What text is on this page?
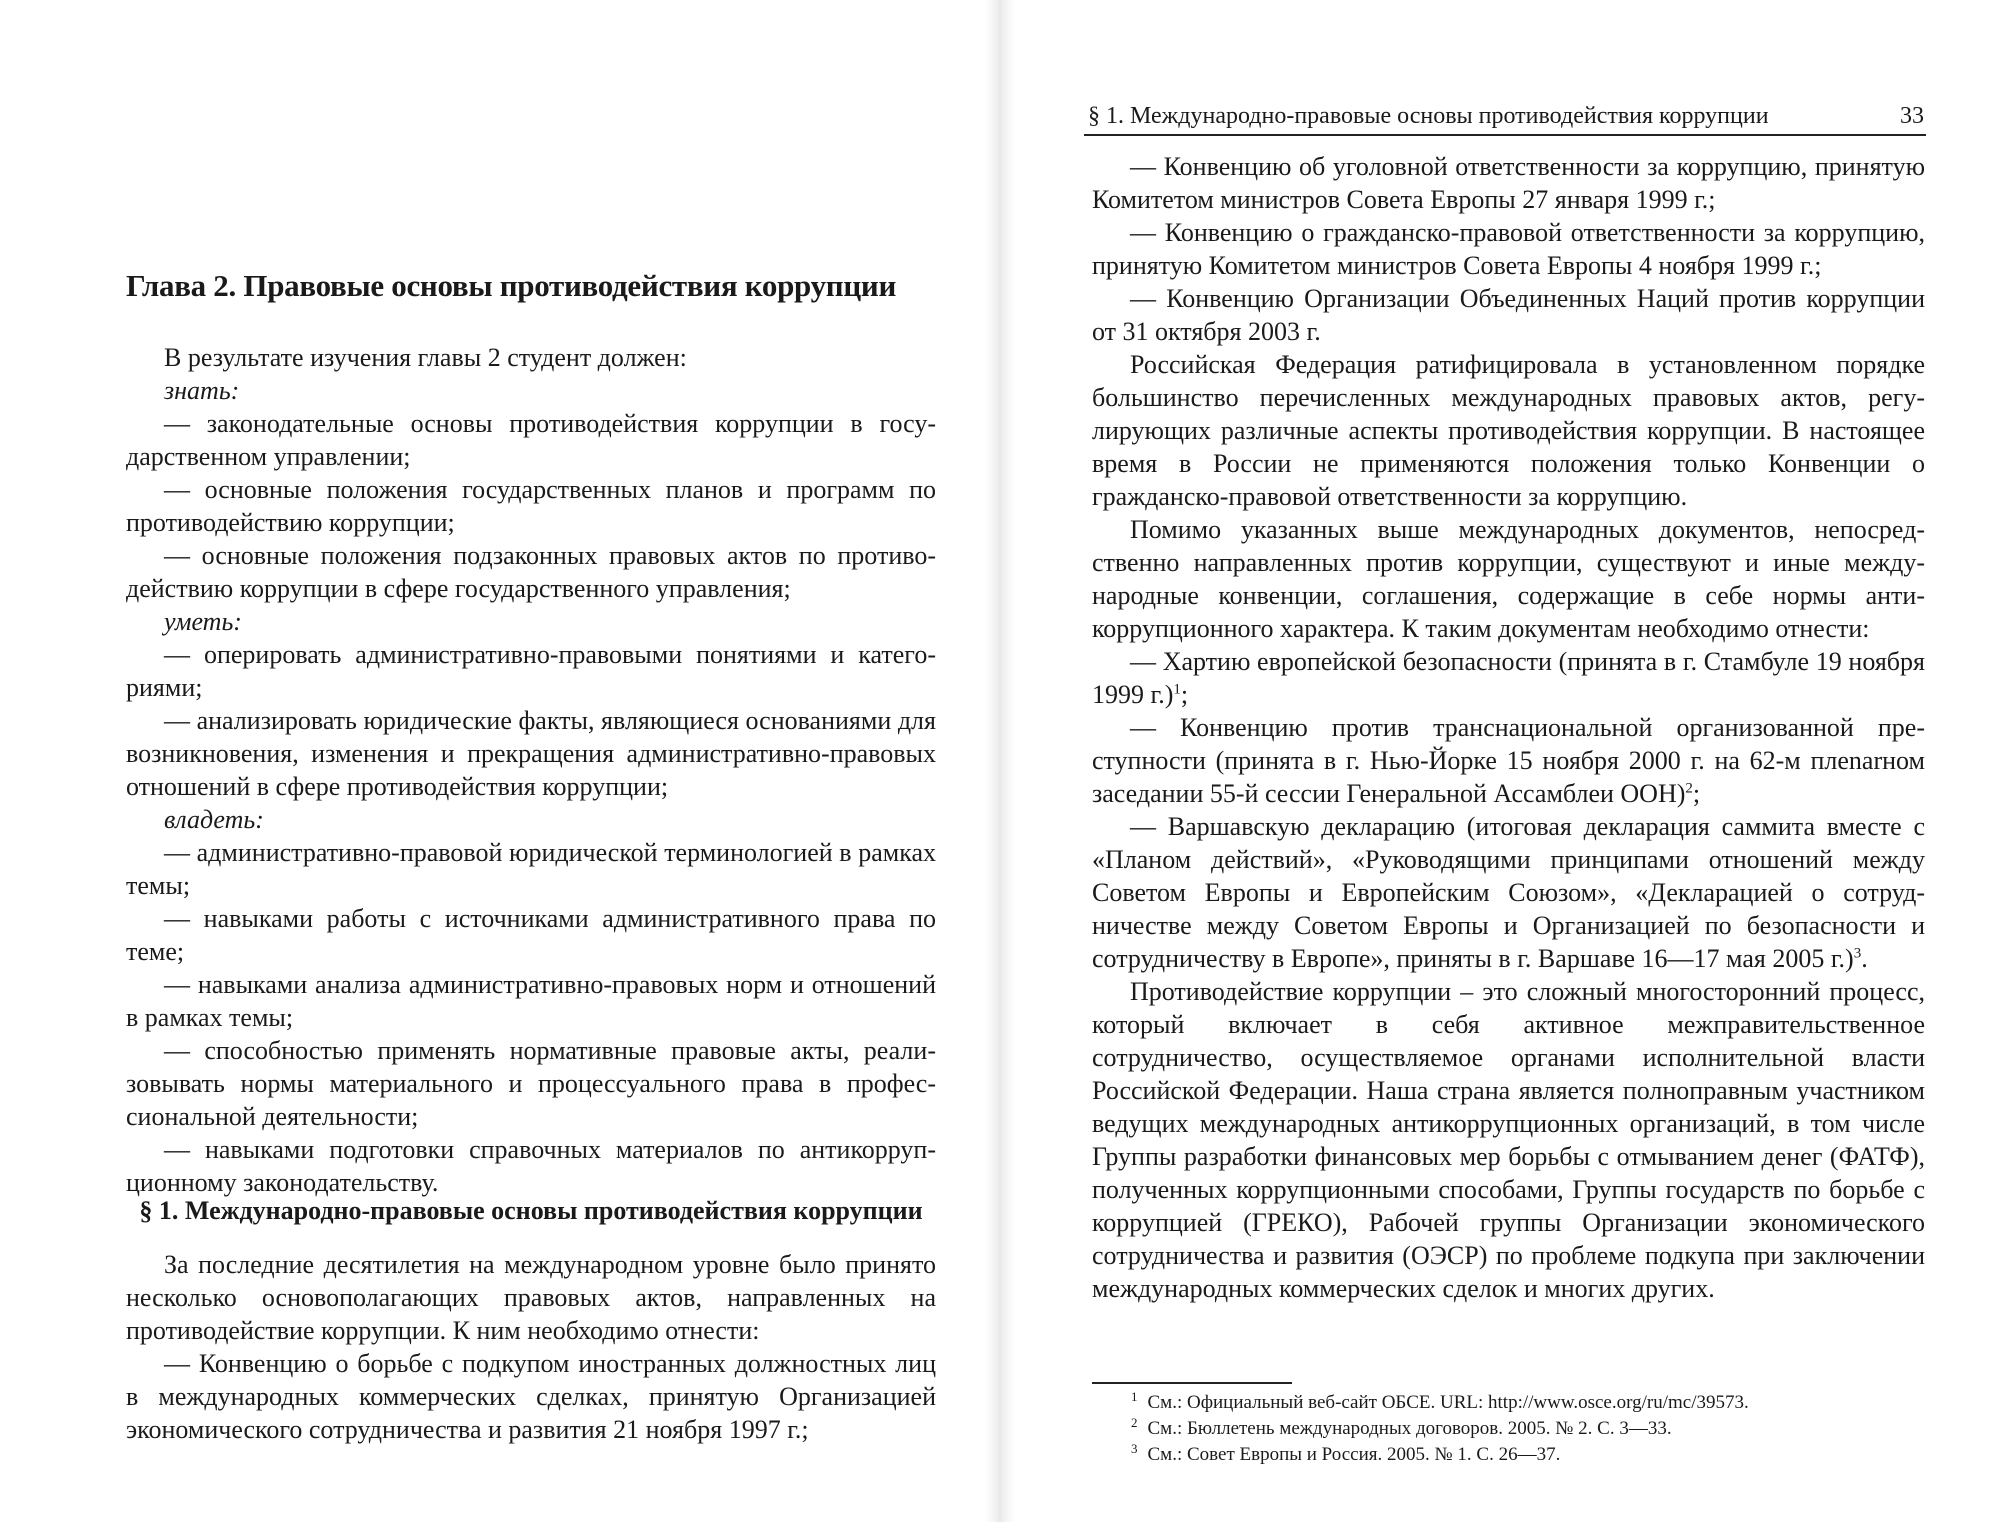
Глава 2. Правовые основы противодействия коррупции

В результате изучения главы 2 студент должен:

знать:

— законодательные основы противодействия коррупции в государственном управлении;

— основные положения государственных планов и программ по противодействию коррупции;

— основные положения подзаконных правовых актов по противодействию коррупции в сфере государственного управления;

уметь:

— оперировать административно-правовыми понятиями и категориями;

— анализировать юридические факты, являющиеся основаниями для возникновения, изменения и прекращения административно-правовых отношений в сфере противодействия коррупции;

владеть:

— административно-правовой юридической терминологией в рамках темы;

— навыками работы с источниками административного права по теме;

— навыками анализа административно-правовых норм и отношений в рамках темы;

— способностью применять нормативные правовые акты, реализовывать нормы материального и процессуального права в профессиональной деятельности;

— навыками подготовки справочных материалов по антикоррупционному законодательству.

§ 1. Международно-правовые основы противодействия коррупции

За последние десятилетия на международном уровне было принято несколько основополагающих правовых актов, направленных на противодействие коррупции. К ним необходимо отнести:

— Конвенцию о борьбе с подкупом иностранных должностных лиц в международных коммерческих сделках, принятую Организацией экономического сотрудничества и развития 21 ноября 1997 г.;

§ 1. Международно-правовые основы противодействия коррупции	33

— Конвенцию об уголовной ответственности за коррупцию, принятую Комитетом министров Совета Европы 27 января 1999 г.;

— Конвенцию о гражданско-правовой ответственности за коррупцию, принятую Комитетом министров Совета Европы 4 ноября 1999 г.;

— Конвенцию Организации Объединенных Наций против коррупции от 31 октября 2003 г.

Российская Федерация ратифицировала в установленном порядке большинство перечисленных международных правовых актов, регулирующих различные аспекты противодействия коррупции. В настоящее время в России не применяются положения только Конвенции о гражданско-правовой ответственности за коррупцию.

Помимо указанных выше международных документов, непосредственно направленных против коррупции, существуют и иные международные конвенции, соглашения, содержащие в себе нормы антикоррупционного характера. К таким документам необходимо отнести:

— Хартию европейской безопасности (принята в г. Стамбуле 19 ноября 1999 г.)$^1$;

— Конвенцию против транснациональной организованной преступности (принята в г. Нью-Йорке 15 ноября 2000 г. на 62-м плenarном заседании 55-й сессии Генеральной Ассамблеи ООН)$^2$;

— Варшавскую декларацию (итоговая декларация саммита вместе с «Планом действий», «Руководящими принципами отношений между Советом Европы и Европейским Союзом», «Декларацией о сотрудничестве между Советом Европы и Организацией по безопасности и сотрудничеству в Европе», приняты в г. Варшаве 16—17 мая 2005 г.)$^3$.

Противодействие коррупции – это сложный многосторонний процесс, который включает в себя активное межправительственное сотрудничество, осуществляемое органами исполнительной власти Российской Федерации. Наша страна является полноправным участником ведущих международных антикоррупционных организаций, в том числе Группы разработки финансовых мер борьбы с отмыванием денег (ФАТФ), полученных коррупционными способами, Группы государств по борьбе с коррупцией (ГРЕКО), Рабочей группы Организации экономического сотрудничества и развития (ОЭСР) по проблеме подкупа при заключении международных коммерческих сделок и многих других.

$^1$ См.: Официальный веб-сайт ОБСЕ. URL: http://www.osce.org/ru/mc/39573.

$^2$ См.: Бюллетень международных договоров. 2005. № 2. С. 3—33.

$^3$ См.: Совет Европы и Россия. 2005. № 1. С. 26—37.
